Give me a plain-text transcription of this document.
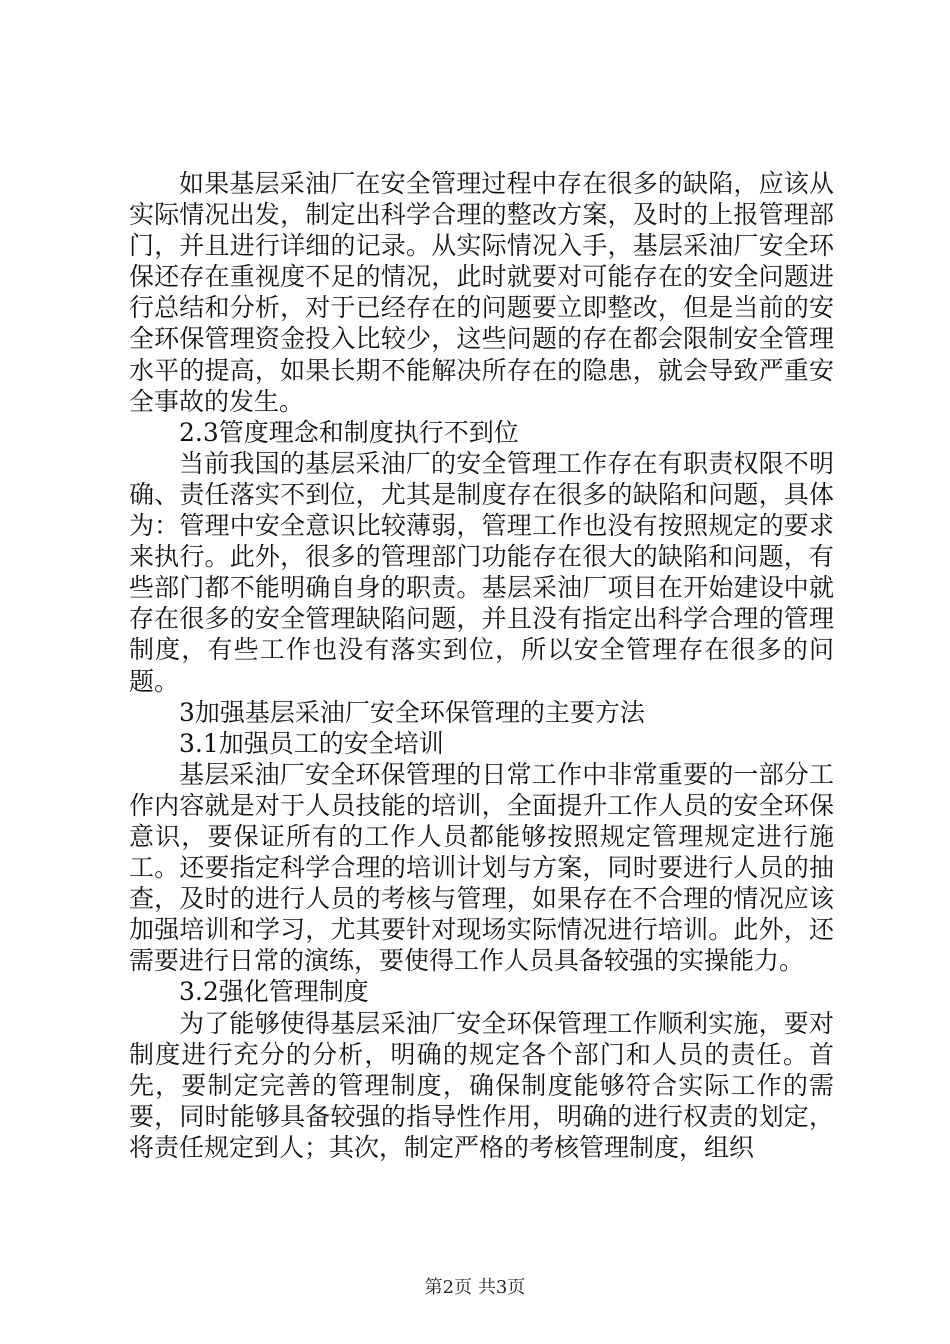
如果基层采油厂在安全管理过程中存在很多的缺陷，应该从实际情况出发，制定出科学合理的整改方案，及时的上报管理部门，并且进行详细的记录。从实际情况入手，基层采油厂安全环保还存在重视度不足的情况，此时就要对可能存在的安全问题进行总结和分析，对于已经存在的问题要立即整改，但是当前的安全环保管理资金投入比较少，这些问题的存在都会限制安全管理水平的提高，如果长期不能解决所存在的隐患，就会导致严重安全事故的发生。

2.3管度理念和制度执行不到位

当前我国的基层采油厂的安全管理工作存在有职责权限不明确、责任落实不到位，尤其是制度存在很多的缺陷和问题，具体为：管理中安全意识比较薄弱，管理工作也没有按照规定的要求来执行。此外，很多的管理部门功能存在很大的缺陷和问题，有些部门都不能明确自身的职责。基层采油厂项目在开始建设中就存在很多的安全管理缺陷问题，并且没有指定出科学合理的管理制度，有些工作也没有落实到位，所以安全管理存在很多的问题。

3加强基层采油厂安全环保管理的主要方法

3.1加强员工的安全培训

基层采油厂安全环保管理的日常工作中非常重要的一部分工作内容就是对于人员技能的培训，全面提升工作人员的安全环保意识，要保证所有的工作人员都能够按照规定管理规定进行施工。还要指定科学合理的培训计划与方案，同时要进行人员的抽查，及时的进行人员的考核与管理，如果存在不合理的情况应该加强培训和学习，尤其要针对现场实际情况进行培训。此外，还需要进行日常的演练，要使得工作人员具备较强的实操能力。

3.2强化管理制度

为了能够使得基层采油厂安全环保管理工作顺利实施，要对制度进行充分的分析，明确的规定各个部门和人员的责任。首先，要制定完善的管理制度，确保制度能够符合实际工作的需要，同时能够具备较强的指导性作用，明确的进行权责的划定，将责任规定到人；其次，制定严格的考核管理制度，组织

第2页 共3页
